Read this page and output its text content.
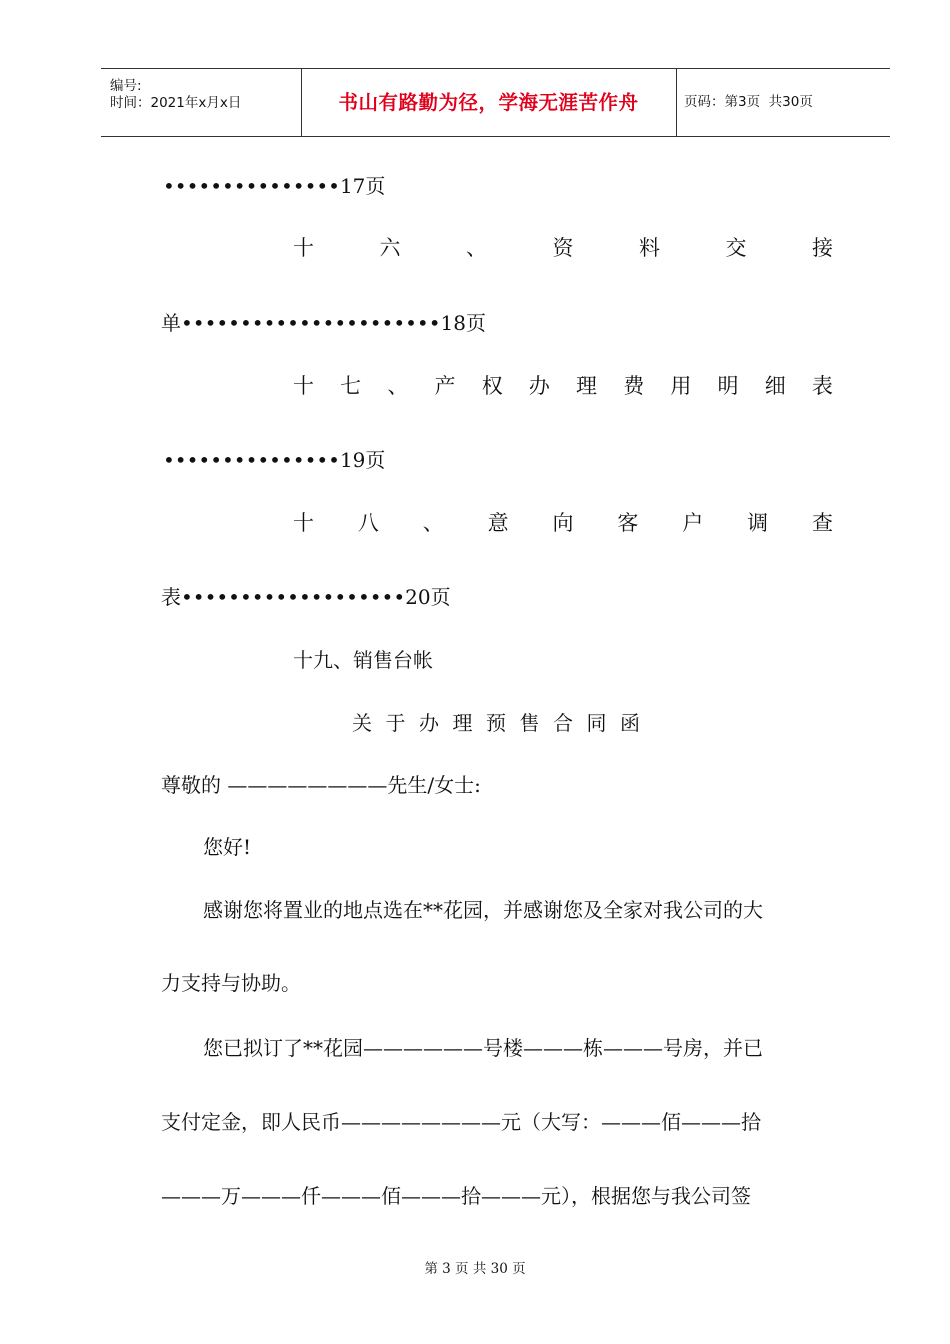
编号:
时间：2021年x月x日	书山有路勤为径，学海无涯苦作舟	页码：第3页  共30页
•••••••••••••••17页
十	六	、	资	料	交	接
单••••••••••••••••••••••18页
十 七 、 产 权 办 理 费 用 明 细 表
•••••••••••••••19页
十 八 、 意 向 客 户 调 查
表•••••••••••••••••••20页
十九、销售台帐
关 于 办 理 预 售 合 同 函
尊敬的 ————————先生/女士:
您好!
感谢您将置业的地点选在**花园，并感谢您及全家对我公司的大
力支持与协助。
您已拟订了**花园——————号楼———栋———号房，并已
支付定金，即人民币————————元（大写：———佰———拾
———万———仟———佰———拾———元），根据您与我公司签
第 3 页 共 30 页
